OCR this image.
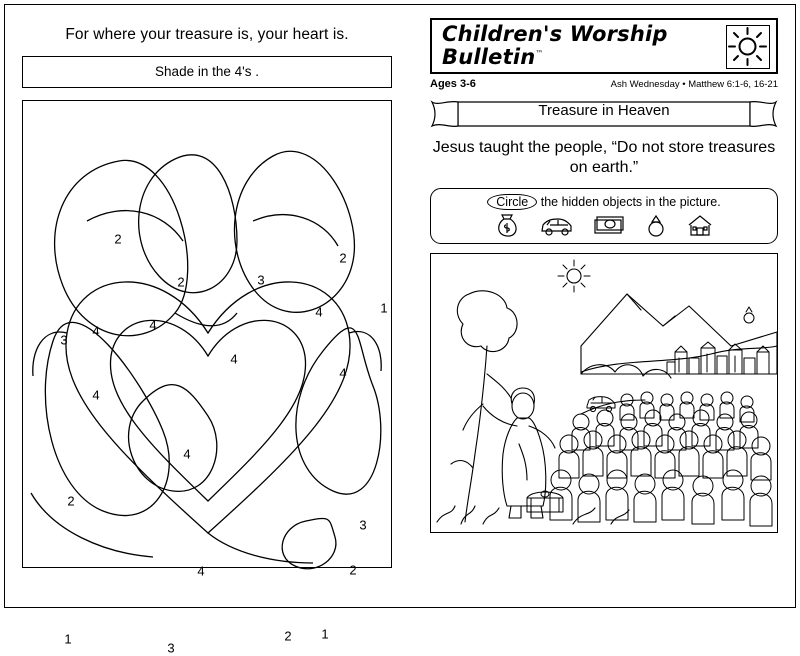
For where your treasure is, your heart is.
Shade in the 4's .
2
2
2	3
4	1
4
4
3
4
4
4
4
2
3
4	2
1
3
2 1
Children's Worship
Bulletin™
Ash Wednesday • Matthew 6:1-6, 16-21
Ages 3-6
Treasure in Heaven
Jesus taught the people, “Do not store treasures on earth.”
Circle the hidden objects in the picture.
